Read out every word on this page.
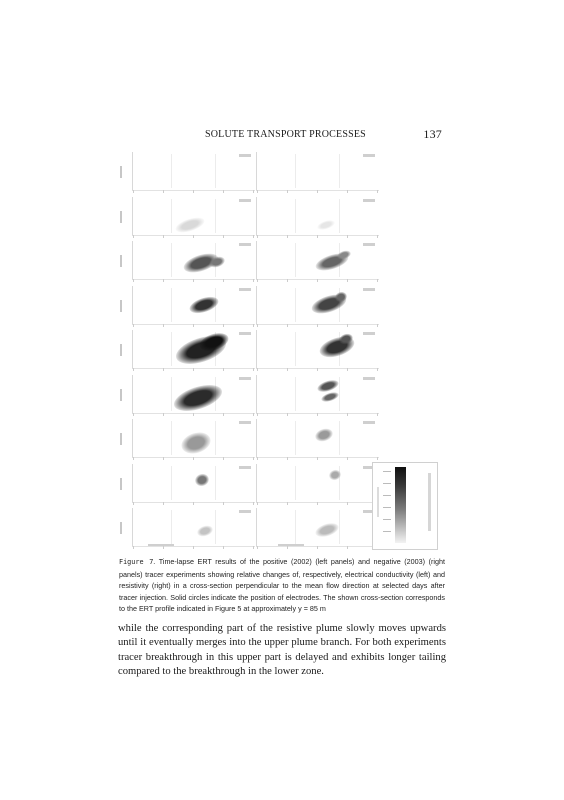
SOLUTE TRANSPORT PROCESSES	137
Figure 7. Time-lapse ERT results of the positive (2002) (left panels) and negative (2003) (right panels) tracer experiments showing relative changes of, respectively, electrical conductivity (left) and resistivity (right) in a cross-section perpendicular to the mean flow direction at selected days after tracer injection. Solid circles indicate the position of electrodes. The shown cross-section corresponds to the ERT profile indicated in Figure 5 at approximately y = 85 m
while the corresponding part of the resistive plume slowly moves upwards until it eventually merges into the upper plume branch. For both experiments tracer breakthrough in this upper part is delayed and exhibits longer tailing compared to the breakthrough in the lower zone.
